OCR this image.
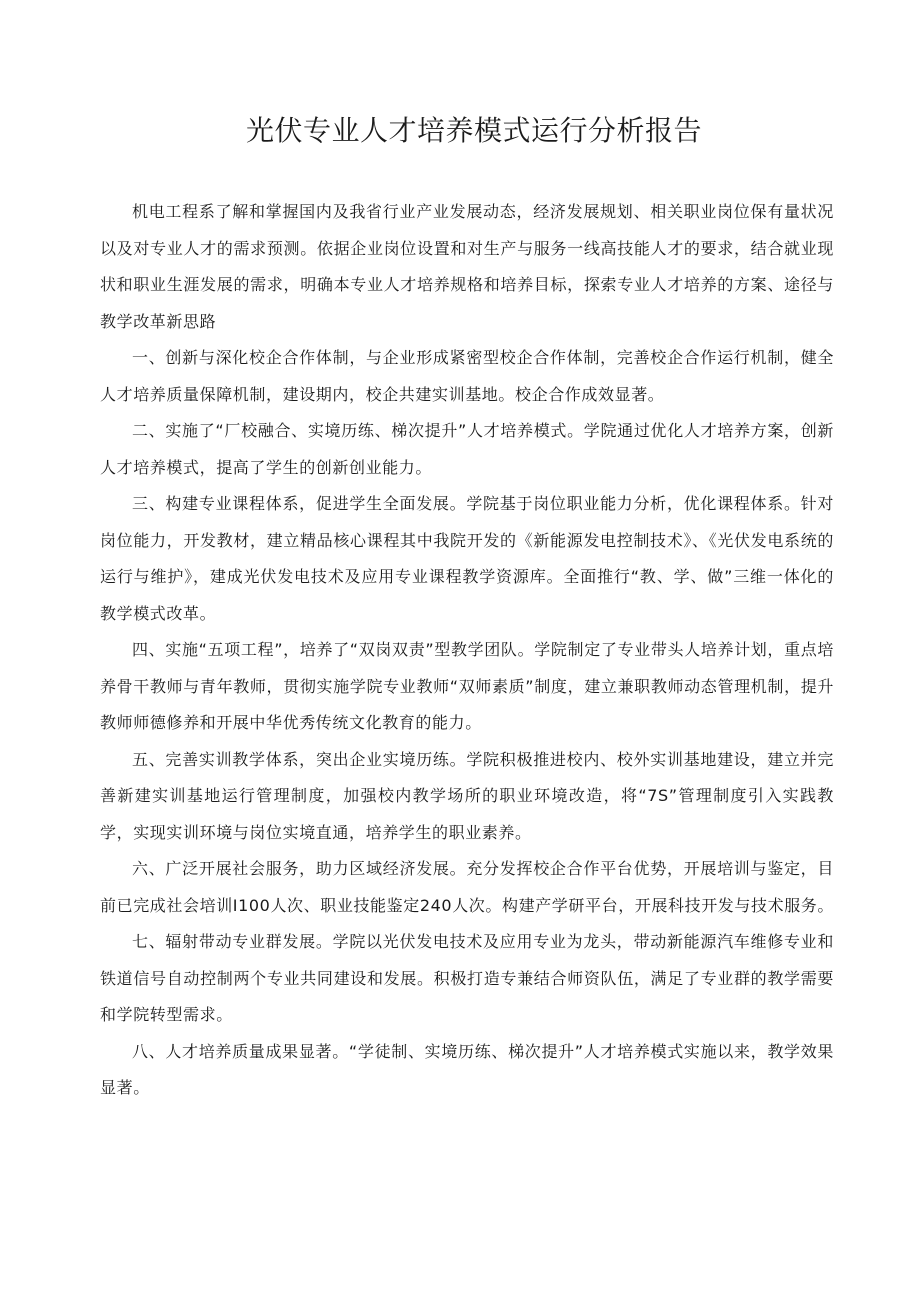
光伏专业人才培养模式运行分析报告

机电工程系了解和掌握国内及我省行业产业发展动态，经济发展规划、相关职业岗位保有量状况以及对专业人才的需求预测。依据企业岗位设置和对生产与服务一线高技能人才的要求，结合就业现状和职业生涯发展的需求，明确本专业人才培养规格和培养目标，探索专业人才培养的方案、途径与教学改革新思路

一、创新与深化校企合作体制，与企业形成紧密型校企合作体制，完善校企合作运行机制，健全人才培养质量保障机制，建设期内，校企共建实训基地。校企合作成效显著。

二、实施了“厂校融合、实境历练、梯次提升”人才培养模式。学院通过优化人才培养方案，创新人才培养模式，提高了学生的创新创业能力。

三、构建专业课程体系，促进学生全面发展。学院基于岗位职业能力分析，优化课程体系。针对岗位能力，开发教材，建立精品核心课程其中我院开发的《新能源发电控制技术》、《光伏发电系统的运行与维护》，建成光伏发电技术及应用专业课程教学资源库。全面推行“教、学、做”三维一体化的教学模式改革。

四、实施“五项工程”，培养了“双岗双责”型教学团队。学院制定了专业带头人培养计划，重点培养骨干教师与青年教师，贯彻实施学院专业教师“双师素质”制度，建立兼职教师动态管理机制，提升教师师德修养和开展中华优秀传统文化教育的能力。

五、完善实训教学体系，突出企业实境历练。学院积极推进校内、校外实训基地建设，建立并完善新建实训基地运行管理制度，加强校内教学场所的职业环境改造，将“7S”管理制度引入实践教学，实现实训环境与岗位实境直通，培养学生的职业素养。

六、广泛开展社会服务，助力区域经济发展。充分发挥校企合作平台优势，开展培训与鉴定，目前已完成社会培训I100人次、职业技能鉴定240人次。构建产学研平台，开展科技开发与技术服务。

七、辐射带动专业群发展。学院以光伏发电技术及应用专业为龙头，带动新能源汽车维修专业和铁道信号自动控制两个专业共同建设和发展。积极打造专兼结合师资队伍，满足了专业群的教学需要和学院转型需求。

八、人才培养质量成果显著。“学徒制、实境历练、梯次提升”人才培养模式实施以来，教学效果显著。
